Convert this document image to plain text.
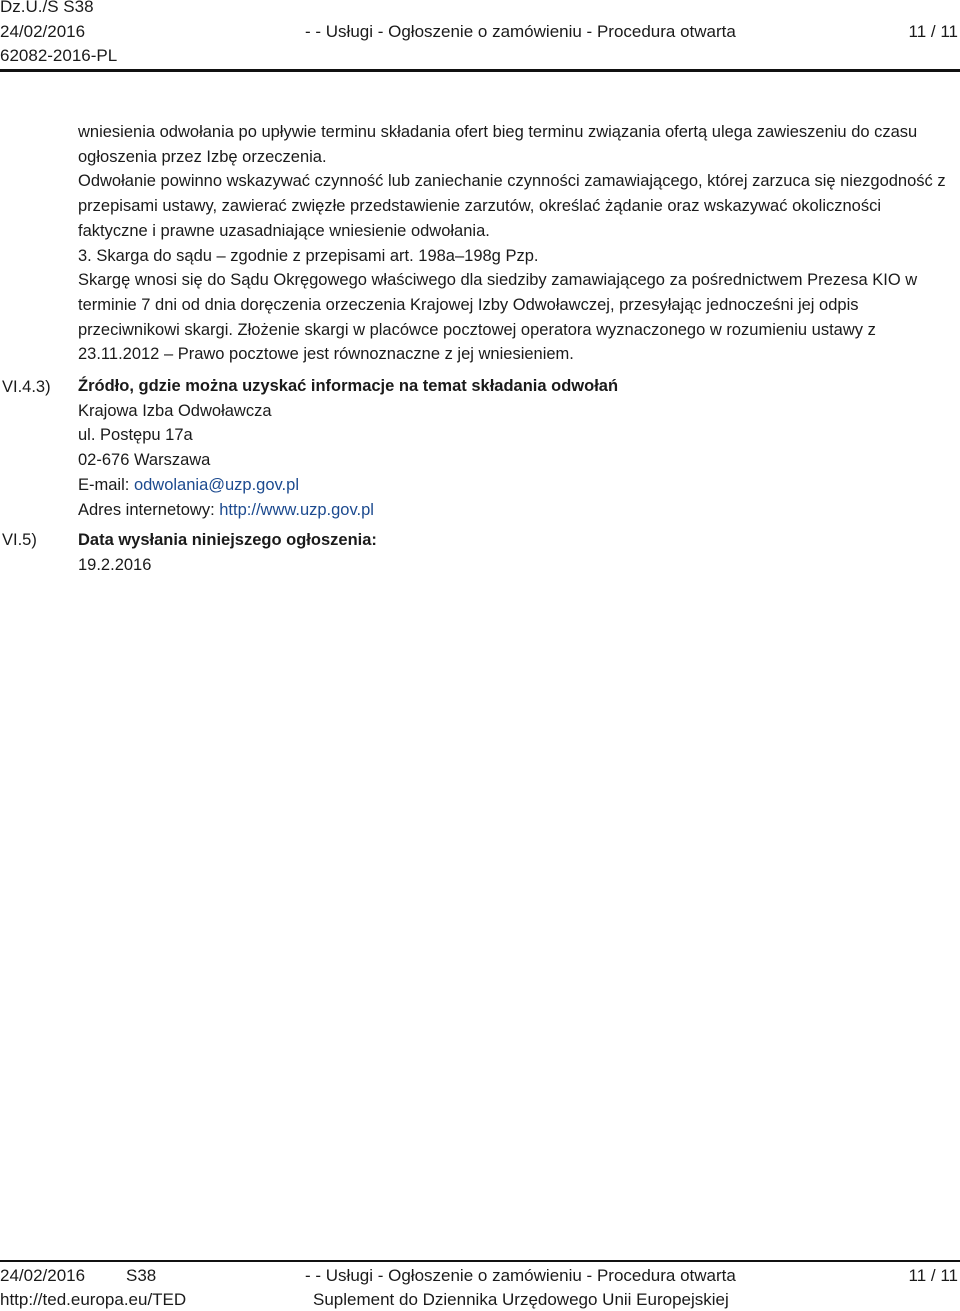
Dz.U./S S38
24/02/2016	- - Usługi - Ogłoszenie o zamówieniu - Procedura otwarta	11 / 11
62082-2016-PL

wniesienia odwołania po upływie terminu składania ofert bieg terminu związania ofertą ulega zawieszeniu do czasu ogłoszenia przez Izbę orzeczenia.

Odwołanie powinno wskazywać czynność lub zaniechanie czynności zamawiającego, której zarzuca się niezgodność z przepisami ustawy, zawierać zwięzłe przedstawienie zarzutów, określać żądanie oraz wskazywać okoliczności faktyczne i prawne uzasadniające wniesienie odwołania.

3. Skarga do sądu – zgodnie z przepisami art. 198a–198g Pzp.

Skargę wnosi się do Sądu Okręgowego właściwego dla siedziby zamawiającego za pośrednictwem Prezesa KIO w terminie 7 dni od dnia doręczenia orzeczenia Krajowej Izby Odwoławczej, przesyłając jednocześni jej odpis przeciwnikowi skargi. Złożenie skargi w placówce pocztowej operatora wyznaczonego w rozumieniu ustawy z 23.11.2012 – Prawo pocztowe jest równoznaczne z jej wniesieniem.

VI.4.3) Źródło, gdzie można uzyskać informacje na temat składania odwołań
Krajowa Izba Odwoławcza
ul. Postępu 17a
02-676 Warszawa
E-mail: odwolania@uzp.gov.pl
Adres internetowy: http://www.uzp.gov.pl
VI.5) Data wysłania niniejszego ogłoszenia:
19.2.2016
24/02/2016 S38	- - Usługi - Ogłoszenie o zamówieniu - Procedura otwarta	11 / 11
http://ted.europa.eu/TED	Suplement do Dziennika Urzędowego Unii Europejskiej
